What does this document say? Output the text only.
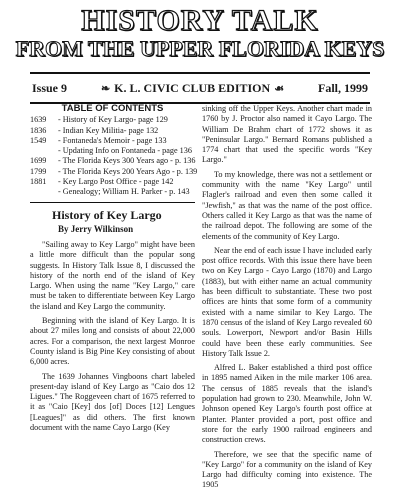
HISTORY TALK
FROM THE UPPER FLORIDA KEYS
Issue 9	❧ K. L. CIVIC CLUB EDITION ☙	Fall, 1999
TABLE OF CONTENTS
1639	- History of Key Largo- page 129
1836	- Indian Key Militia- page 132
1549	- Fontaneda's Memoir - page 133
- Updating Info on Fontaneda - page 136
1699	- The Florida Keys 300 Years ago - p. 136
1799	- The Florida Keys 200 Years Ago - p. 139
1881	- Key Largo Post Office - page 142
- Genealogy; William H. Parker - p. 143
History of Key Largo
By Jerry Wilkinson

"Sailing away to Key Largo" might have been a little more difficult than the popular song suggests. In History Talk Issue 8, I discussed the history of the north end of the island of Key Largo. When using the name "Key Largo," care must be taken to differentiate between Key Largo the island and Key Largo the community.

Beginning with the island of Key Largo. It is about 27 miles long and consists of about 22,000 acres. For a comparison, the next largest Monroe County island is Big Pine Key consisting of about 6,000 acres.

The 1639 Johannes Vingboons chart labeled present-day island of Key Largo as "Caio dos 12 Ligues." The Roggeveen chart of 1675 referred to it as "Caio [Key] dos [of] Doces [12] Lengues [Leagues]" as did others. The first known document with the name Cayo Largo (Key

sinking off the Upper Keys. Another chart made in 1760 by J. Proctor also named it Cayo Largo. The William De Brahm chart of 1772 shows it as "Peninsular Largo." Bernard Romans published a 1774 chart that used the specific words "Key Largo."

To my knowledge, there was not a settlement or community with the name "Key Largo" until Flagler's railroad and even then some called it "Jewfish," as that was the name of the post office. Others called it Key Largo as that was the name of the railroad depot. The following are some of the elements of the community of Key Largo.

Near the end of each issue I have included early post office records. With this issue there have been two on Key Largo - Cayo Largo (1870) and Largo (1883), but with either name an actual community has been difficult to substantiate. These two post offices are hints that some form of a community existed with a name similar to Key Largo. The 1870 census of the island of Key Largo revealed 60 souls. Lowerport, Newport and/or Basin Hills could have been these early communities. See History Talk Issue 2.

Alfred L. Baker established a third post office in 1895 named Aiken in the mile marker 106 area. The census of 1885 reveals that the island's population had grown to 230. Meanwhile, John W. Johnson opened Key Largo's fourth post office at Planter. Planter provided a port, post office and store for the early 1900 railroad engineers and construction crews.

Therefore, we see that the specific name of "Key Largo" for a community on the island of Key Largo had difficulty coming into existence. The 1905
